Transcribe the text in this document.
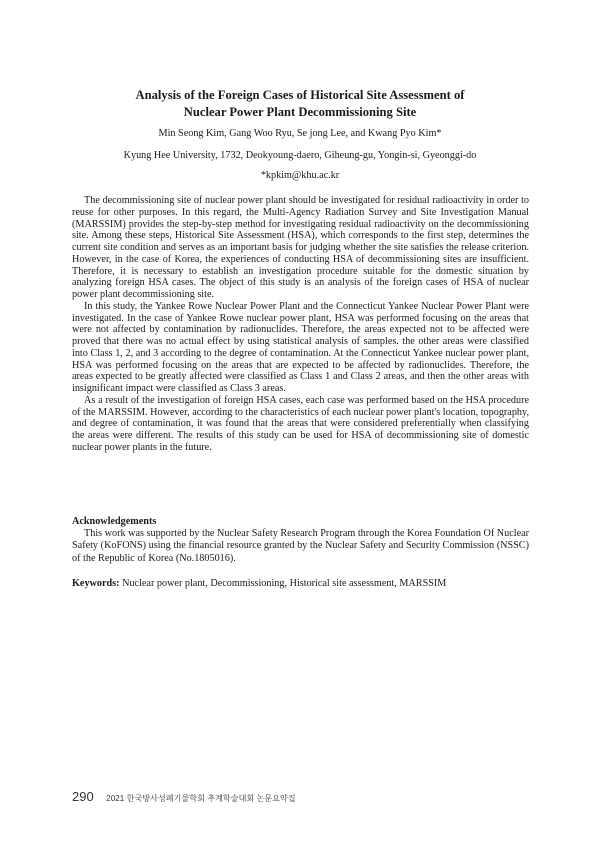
Analysis of the Foreign Cases of Historical Site Assessment of
Nuclear Power Plant Decommissioning Site
Min Seong Kim, Gang Woo Ryu, Se jong Lee, and Kwang Pyo Kim*
Kyung Hee University, 1732, Deokyoung-daero, Giheung-gu, Yongin-si, Gyeonggi-do
*kpkim@khu.ac.kr

The decommissioning site of nuclear power plant should be investigated for residual radioactivity in order to reuse for other purposes. In this regard, the Multi-Agency Radiation Survey and Site Investigation Manual (MARSSIM) provides the step-by-step method for investigating residual radioactivity on the decommissioning site. Among these steps, Historical Site Assessment (HSA), which corresponds to the first step, determines the current site condition and serves as an important basis for judging whether the site satisfies the release criterion. However, in the case of Korea, the experiences of conducting HSA of decommissioning sites are insufficient. Therefore, it is necessary to establish an investigation procedure suitable for the domestic situation by analyzing foreign HSA cases. The object of this study is an analysis of the foreign cases of HSA of nuclear power plant decommissioning site.

In this study, the Yankee Rowe Nuclear Power Plant and the Connecticut Yankee Nuclear Power Plant were investigated. In the case of Yankee Rowe nuclear power plant, HSA was performed focusing on the areas that were not affected by contamination by radionuclides. Therefore, the areas expected not to be affected were proved that there was no actual effect by using statistical analysis of samples. the other areas were classified into Class 1, 2, and 3 according to the degree of contamination. At the Connecticut Yankee nuclear power plant, HSA was performed focusing on the areas that are expected to be affected by radionuclides. Therefore, the areas expected to be greatly affected were classified as Class 1 and Class 2 areas, and then the other areas with insignificant impact were classified as Class 3 areas.

As a result of the investigation of foreign HSA cases, each case was performed based on the HSA procedure of the MARSSIM. However, according to the characteristics of each nuclear power plant's location, topography, and degree of contamination, it was found that the areas that were considered preferentially when classifying the areas were different. The results of this study can be used for HSA of decommissioning site of domestic nuclear power plants in the future.

Acknowledgements

This work was supported by the Nuclear Safety Research Program through the Korea Foundation Of Nuclear Safety (KoFONS) using the financial resource granted by the Nuclear Safety and Security Commission (NSSC) of the Republic of Korea (No.1805016).

Keywords: Nuclear power plant, Decommissioning, Historical site assessment, MARSSIM
290 2021 한국방사성폐기물학회 추계학술대회 논문요약집
